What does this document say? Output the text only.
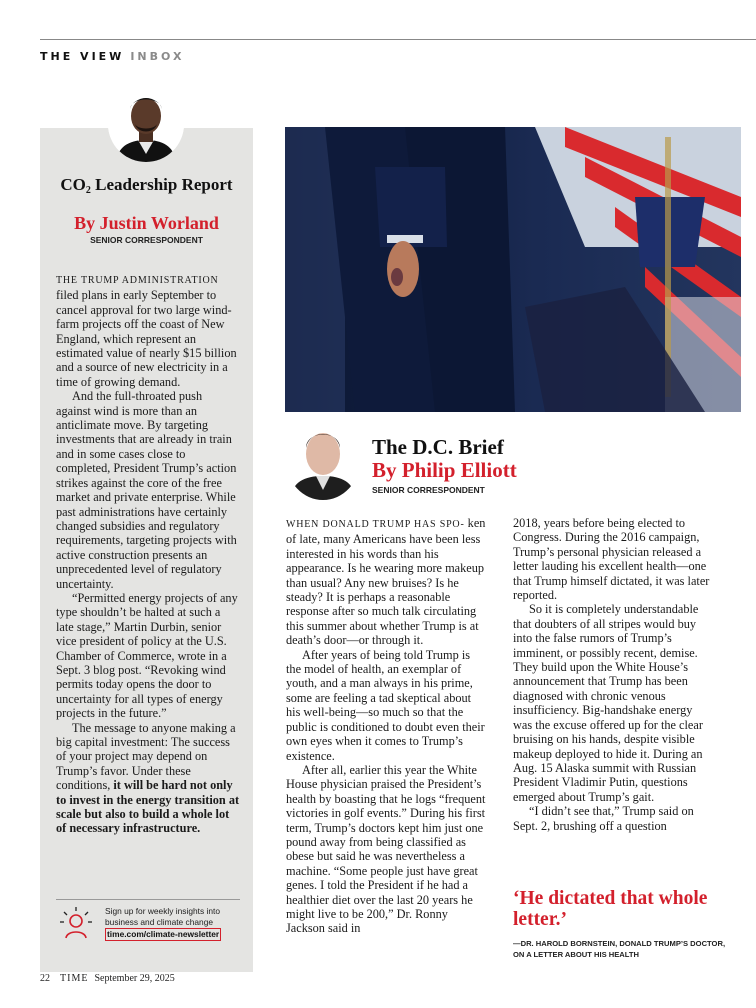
THE VIEW INBOX
$CO_2$ Leadership Report
By Justin Worland
SENIOR CORRESPONDENT

THE TRUMP ADMINISTRATION filed plans in early September to cancel approval for two large wind-farm projects off the coast of New England, which represent an estimated value of nearly $15 billion and a source of new electricity in a time of growing demand.

And the full-throated push against wind is more than an anticlimate move. By targeting investments that are already in train and in some cases close to completed, President Trump’s action strikes against the core of the free market and private enterprise. While past administrations have certainly changed subsidies and regulatory requirements, targeting projects with active construction presents an unprecedented level of regulatory uncertainty.

“Permitted energy projects of any type shouldn’t be halted at such a late stage,” Martin Durbin, senior vice president of policy at the U.S. Chamber of Commerce, wrote in a Sept. 3 blog post. “Revoking wind permits today opens the door to uncertainty for all types of energy projects in the future.”

The message to anyone making a big capital investment: The success of your project may depend on Trump’s favor. Under these conditions, it will be hard not only to invest in the energy transition at scale but also to build a whole lot of necessary infrastructure.

Sign up for weekly insights into business and climate change
time.com/climate-newsletter
The D.C. Brief
By Philip Elliott
SENIOR CORRESPONDENT

WHEN DONALD TRUMP HAS SPO- ken of late, many Americans have been less interested in his words than his appearance. Is he wearing more makeup than usual? Any new bruises? Is he steady? It is perhaps a reasonable response after so much talk circulating this summer about whether Trump is at death’s door—or through it.

After years of being told Trump is the model of health, an exemplar of youth, and a man always in his prime, some are feeling a tad skeptical about his well-being—so much so that the public is conditioned to doubt even their own eyes when it comes to Trump’s existence.

After all, earlier this year the White House physician praised the President’s health by boasting that he logs “frequent victories in golf events.” During his first term, Trump’s doctors kept him just one pound away from being classified as obese but said he was nevertheless a machine. “Some people just have great genes. I told the President if he had a healthier diet over the last 20 years he might live to be 200,” Dr. Ronny Jackson said in

2018, years before being elected to Congress. During the 2016 campaign, Trump’s personal physician released a letter lauding his excellent health—one that Trump himself dictated, it was later reported.

So it is completely understandable that doubters of all stripes would buy into the false rumors of Trump’s imminent, or possibly recent, demise. They build upon the White House’s announcement that Trump has been diagnosed with chronic venous insufficiency. Big-handshake energy was the excuse offered up for the clear bruising on his hands, despite visible makeup deployed to hide it. During an Aug. 15 Alaska summit with Russian President Vladimir Putin, questions emerged about Trump’s gait.

“I didn’t see that,” Trump said on Sept. 2, brushing off a question

‘He dictated that whole letter.’
—DR. HAROLD BORNSTEIN, DONALD TRUMP’S DOCTOR, ON A LETTER ABOUT HIS HEALTH
22 TIME September 29, 2025
